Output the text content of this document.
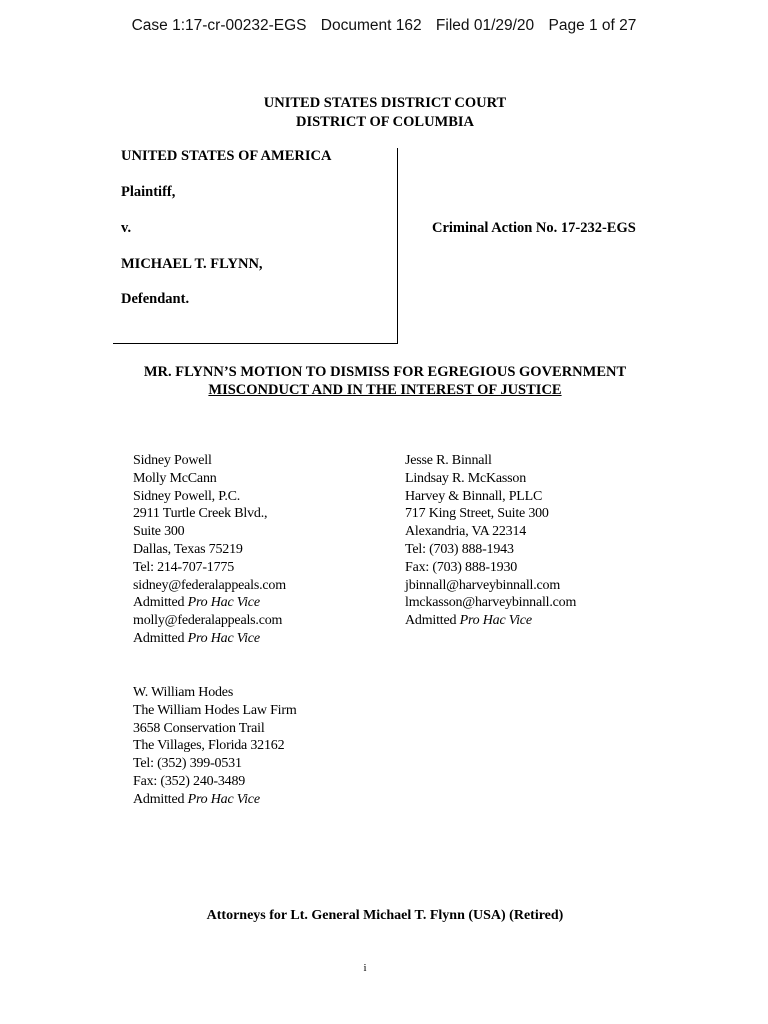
Case 1:17-cr-00232-EGS Document 162 Filed 01/29/20 Page 1 of 27
UNITED STATES DISTRICT COURT
DISTRICT OF COLUMBIA
UNITED STATES OF AMERICA
Plaintiff,
v.
MICHAEL T. FLYNN,
Defendant.
Criminal Action No. 17-232-EGS
MR. FLYNN’S MOTION TO DISMISS FOR EGREGIOUS GOVERNMENT
MISCONDUCT AND IN THE INTEREST OF JUSTICE
Sidney Powell
Molly McCann
Sidney Powell, P.C.
2911 Turtle Creek Blvd.,
Suite 300
Dallas, Texas 75219
Tel: 214-707-1775
sidney@federalappeals.com
Admitted Pro Hac Vice
molly@federalappeals.com
Admitted Pro Hac Vice
Jesse R. Binnall
Lindsay R. McKasson
Harvey & Binnall, PLLC
717 King Street, Suite 300
Alexandria, VA 22314
Tel: (703) 888-1943
Fax: (703) 888-1930
jbinnall@harveybinnall.com
lmckasson@harveybinnall.com
Admitted Pro Hac Vice
W. William Hodes
The William Hodes Law Firm
3658 Conservation Trail
The Villages, Florida 32162
Tel: (352) 399-0531
Fax: (352) 240-3489
Admitted Pro Hac Vice
Attorneys for Lt. General Michael T. Flynn (USA) (Retired)
i
